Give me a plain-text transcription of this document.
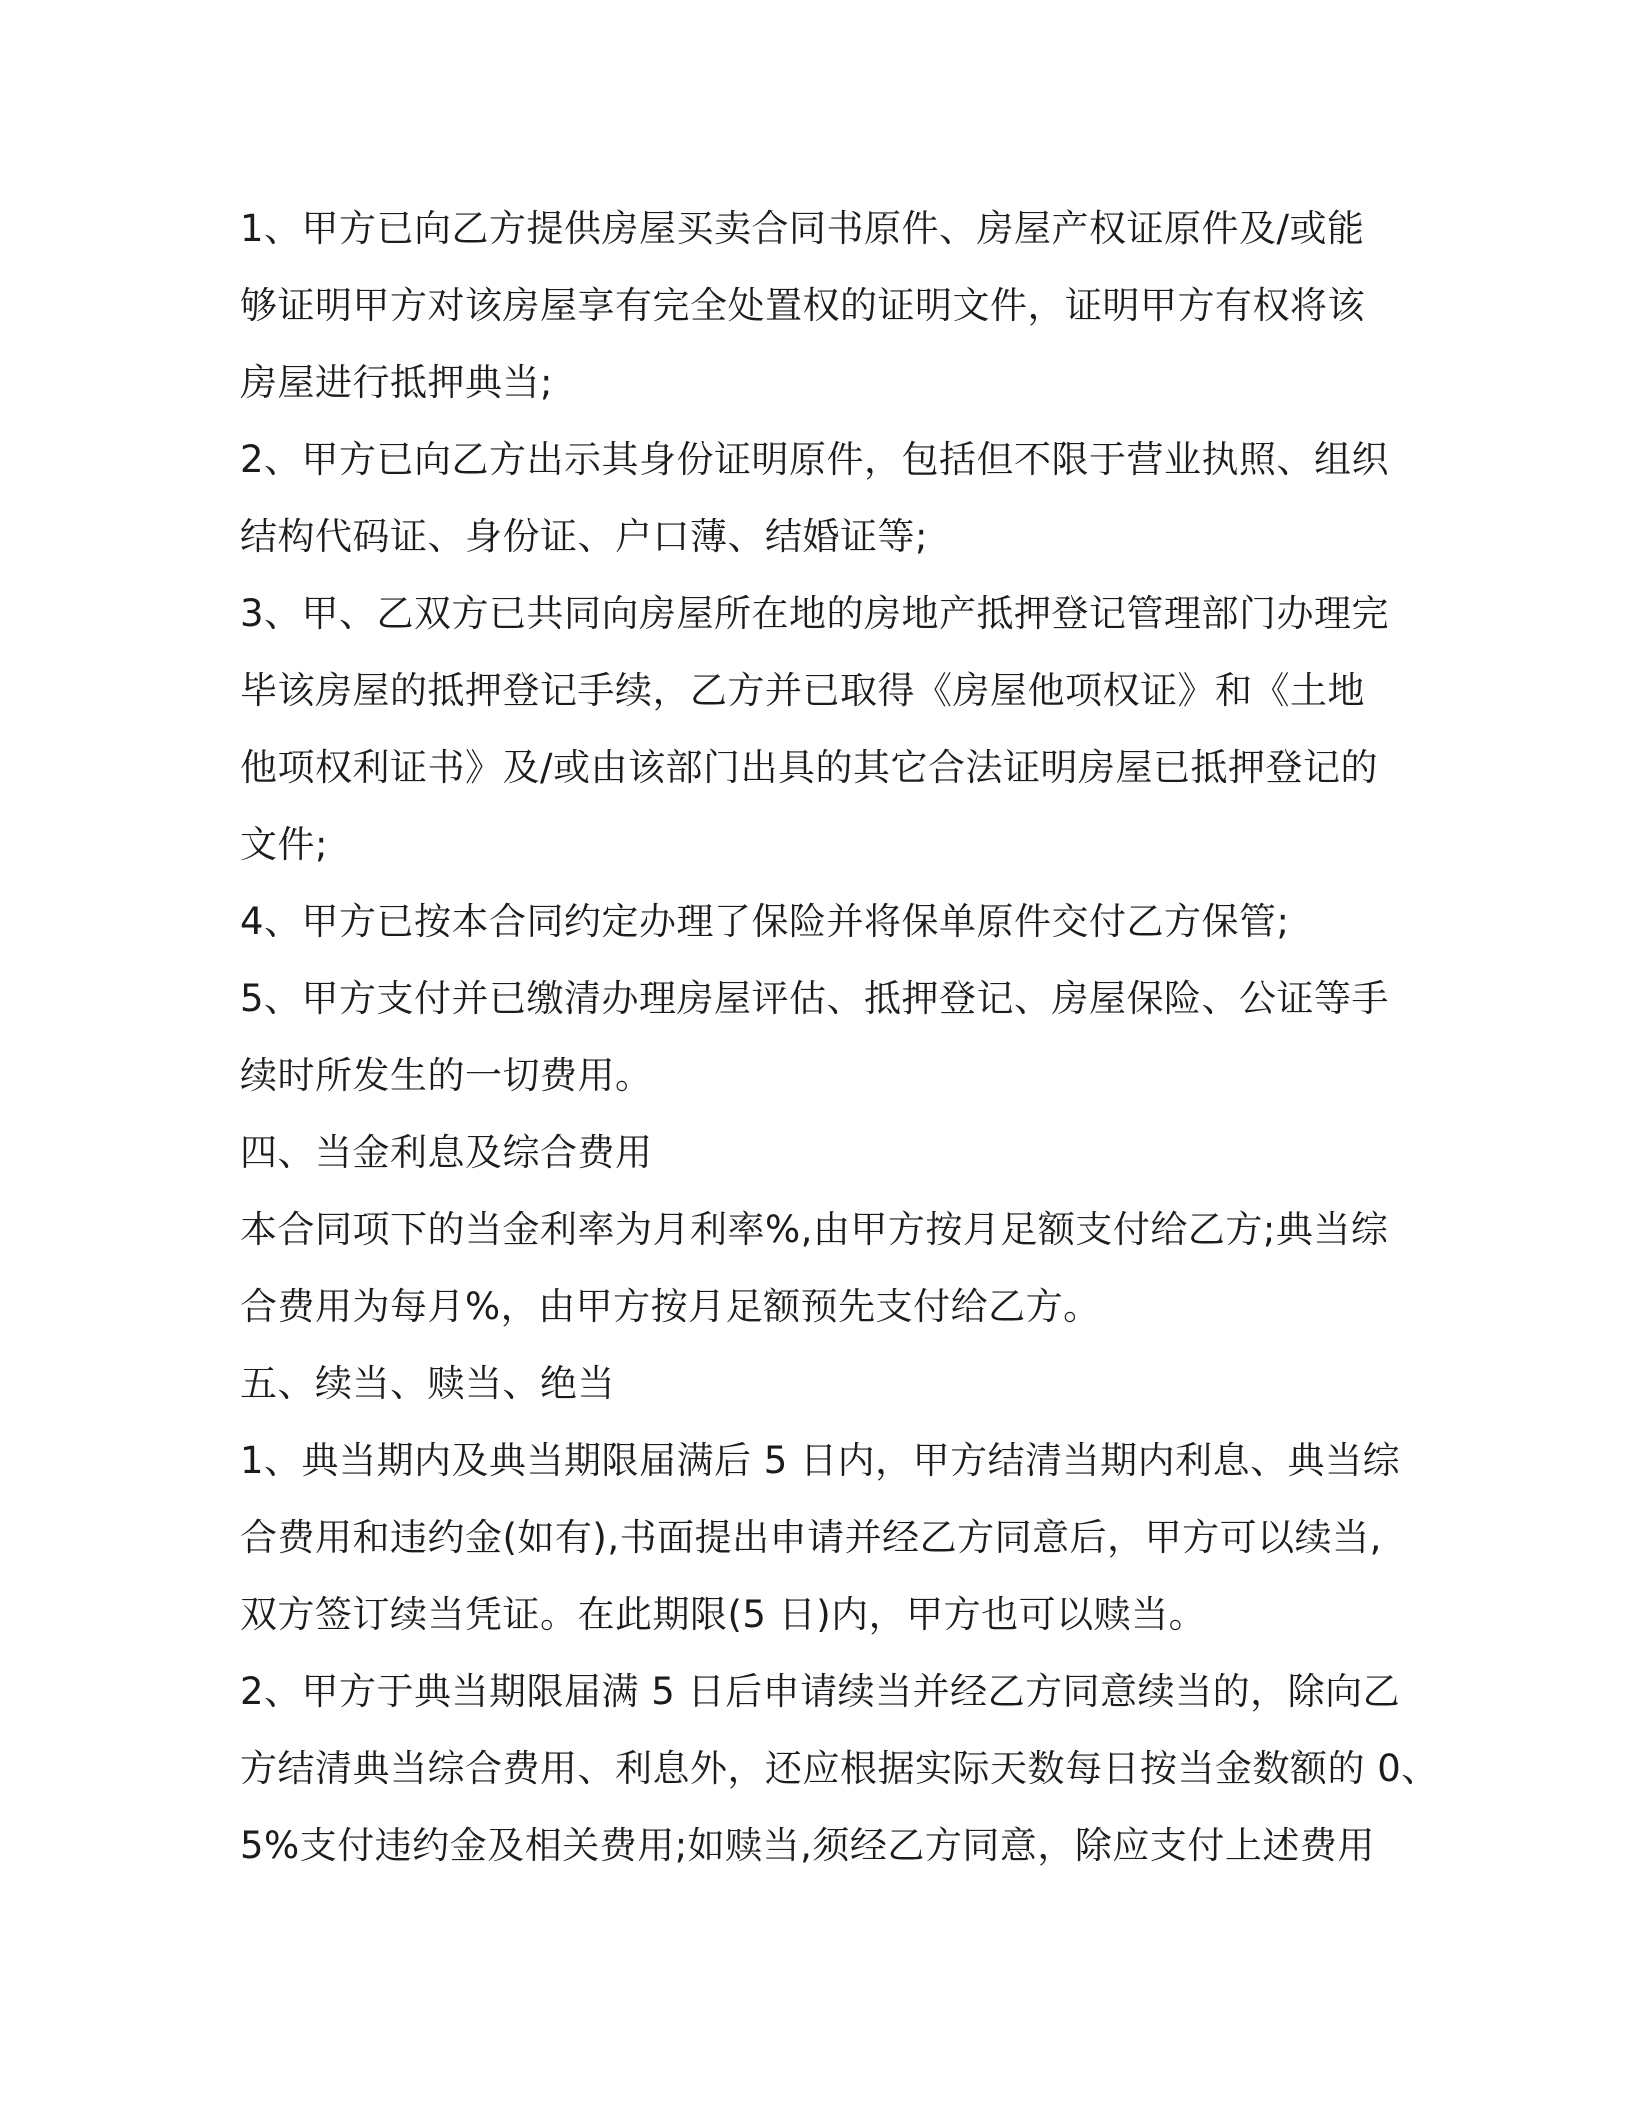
1、甲方已向乙方提供房屋买卖合同书原件、房屋产权证原件及/或能
够证明甲方对该房屋享有完全处置权的证明文件，证明甲方有权将该
房屋进行抵押典当;
2、甲方已向乙方出示其身份证明原件，包括但不限于营业执照、组织
结构代码证、身份证、户口薄、结婚证等;
3、甲、乙双方已共同向房屋所在地的房地产抵押登记管理部门办理完
毕该房屋的抵押登记手续，乙方并已取得《房屋他项权证》和《土地
他项权利证书》及/或由该部门出具的其它合法证明房屋已抵押登记的
文件;
4、甲方已按本合同约定办理了保险并将保单原件交付乙方保管;
5、甲方支付并已缴清办理房屋评估、抵押登记、房屋保险、公证等手
续时所发生的一切费用。
四、当金利息及综合费用
本合同项下的当金利率为月利率%,由甲方按月足额支付给乙方;典当综
合费用为每月%，由甲方按月足额预先支付给乙方。
五、续当、赎当、绝当
1、典当期内及典当期限届满后 5 日内，甲方结清当期内利息、典当综
合费用和违约金(如有),书面提出申请并经乙方同意后，甲方可以续当,
双方签订续当凭证。在此期限(5 日)内，甲方也可以赎当。
2、甲方于典当期限届满 5 日后申请续当并经乙方同意续当的，除向乙
方结清典当综合费用、利息外，还应根据实际天数每日按当金数额的 0、
5%支付违约金及相关费用;如赎当,须经乙方同意，除应支付上述费用
